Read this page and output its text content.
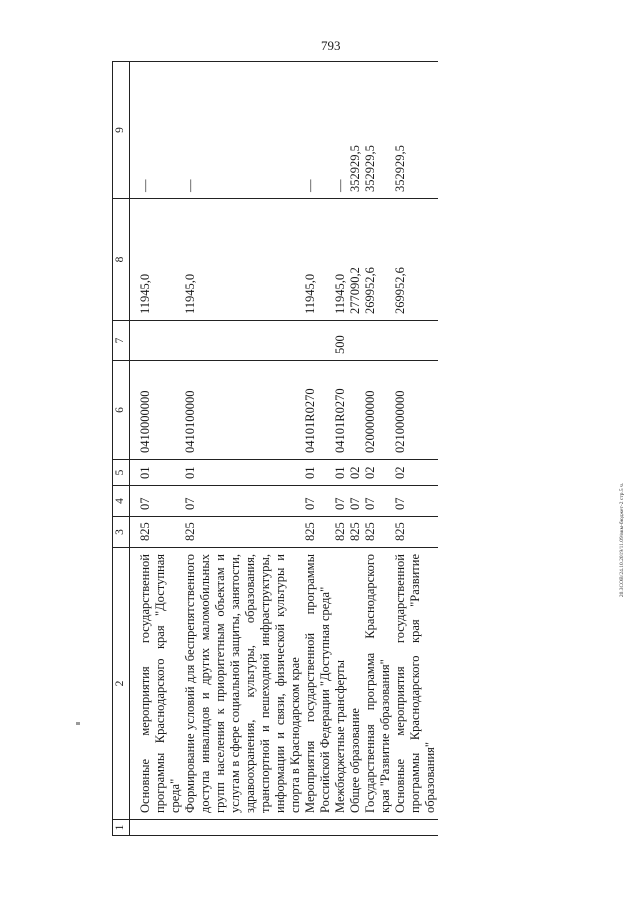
793
20.3COB/24.10.2019/11.09/вкм-бюджет-2 стр.5 ч.
1	2	3	4	5	6	7	8	9
	Основные мероприятия государственной программы Краснодарского края "Доступная среда"	825	07	01	0410000000		11945,0	—
	Формирование условий для беспрепятственного доступа инвалидов и других маломобильных групп населения к приоритетным объектам и услугам в сфере социальной защиты, занятости, здравоохранения, культуры, образования, транспортной и пешеходной инфраструктуры, информации и связи, физической культуры и спорта в Краснодарском крае	825	07	01	0410100000		11945,0	—
	Мероприятия государственной программы Российской Федерации "Доступная среда"	825	07	01	04101R0270		11945,0	—
	Межбюджетные трансферты	825	07	01	04101R0270	500	11945,0	—
	Общее образование	825	07	02			277090,2	352929,5
	Государственная программа Краснодарского края "Развитие образования"	825	07	02	0200000000		269952,6	352929,5
	Основные мероприятия государственной программы Краснодарского края "Развитие образования"	825	07	02	0210000000		269952,6	352929,5
